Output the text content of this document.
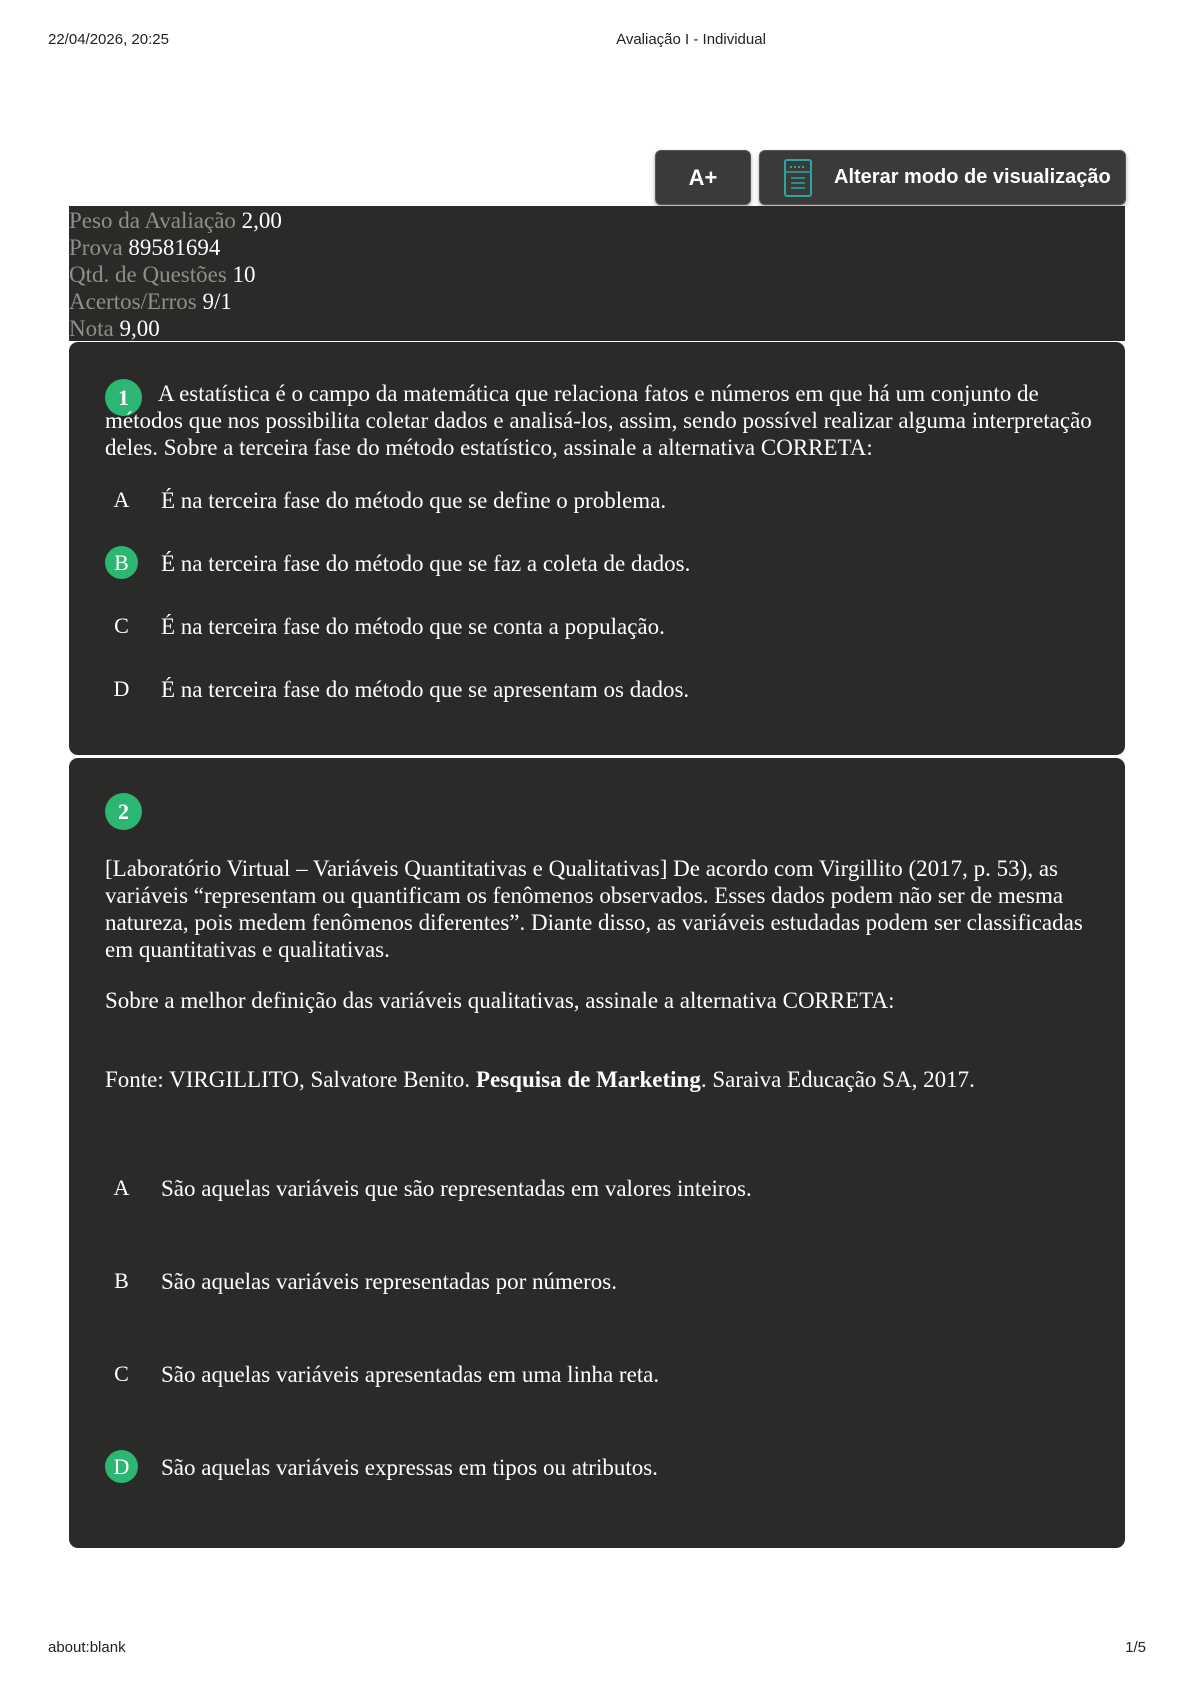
22/04/2026, 20:25	Avaliação I - Individual
A+	Alterar modo de visualização
Peso da Avaliação 2,00
Prova 89581694
Qtd. de Questões 10
Acertos/Erros 9/1
Nota 9,00
1	A estatística é o campo da matemática que relaciona fatos e números em que há um conjunto de métodos que nos possibilita coletar dados e analisá-los, assim, sendo possível realizar alguma interpretação deles. Sobre a terceira fase do método estatístico, assinale a alternativa CORRETA:
A	É na terceira fase do método que se define o problema.
B	É na terceira fase do método que se faz a coleta de dados.
C	É na terceira fase do método que se conta a população.
D	É na terceira fase do método que se apresentam os dados.
2

[Laboratório Virtual – Variáveis Quantitativas e Qualitativas] De acordo com Virgillito (2017, p. 53), as variáveis “representam ou quantificam os fenômenos observados. Esses dados podem não ser de mesma natureza, pois medem fenômenos diferentes”. Diante disso, as variáveis estudadas podem ser classificadas em quantitativas e qualitativas.

Sobre a melhor definição das variáveis qualitativas, assinale a alternativa CORRETA:

Fonte: VIRGILLITO, Salvatore Benito. Pesquisa de Marketing. Saraiva Educação SA, 2017.

A	São aquelas variáveis que são representadas em valores inteiros.
B	São aquelas variáveis representadas por números.
C	São aquelas variáveis apresentadas em uma linha reta.
D	São aquelas variáveis expressas em tipos ou atributos.
about:blank	1/5
